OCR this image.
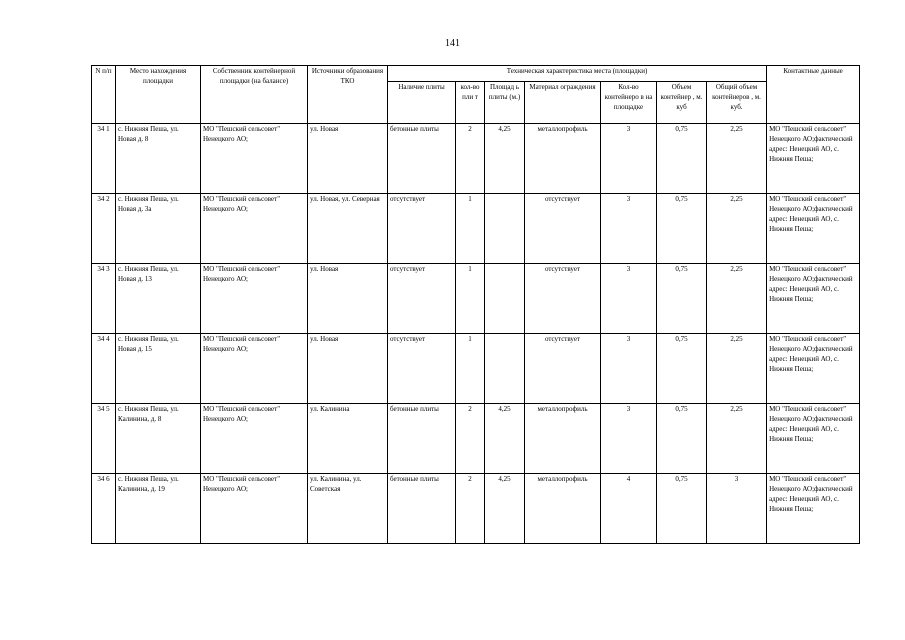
141
N п/п	Место нахождения площадки	Собственник контейнерной площадки (на балансе)	Источники образования ТКО	Техническая характеристика места (площадки)							Контактные данные
				Наличие плиты	кол-во пли т	Площад ь плиты (м.)	Материал ограждения	Кол-во контейнеро в на площадке	Объем контейнер , м. куб	Общий объем контейнеров , м. куб.	
34 1	с. Нижняя Пеша, ул. Новая д. 8	МО "Пешский сельсовет" Ненецкого АО;	ул. Новая	бетонные плиты	2	4,25	металлопрофиль	3	0,75	2,25	МО "Пешский сельсовет" Ненецкого АО;фактический адрес: Ненецкий АО, с. Нижняя Пеша;
34 2	с. Нижняя Пеша, ул. Новая д. 3а	МО "Пешский сельсовет" Ненецкого АО;	ул. Новая, ул. Северная	отсутствует	1		отсутствует	3	0,75	2,25	МО "Пешский сельсовет" Ненецкого АО;фактический адрес: Ненецкий АО, с. Нижняя Пеша;
34 3	с. Нижняя Пеша, ул. Новая д. 13	МО "Пешский сельсовет" Ненецкого АО;	ул. Новая	отсутствует	1		отсутствует	3	0,75	2,25	МО "Пешский сельсовет" Ненецкого АО;фактический адрес: Ненецкий АО, с. Нижняя Пеша;
34 4	с. Нижняя Пеша, ул. Новая д. 15	МО "Пешский сельсовет" Ненецкого АО;	ул. Новая	отсутствует	1		отсутствует	3	0,75	2,25	МО "Пешский сельсовет" Ненецкого АО;фактический адрес: Ненецкий АО, с. Нижняя Пеша;
34 5	с. Нижняя Пеша, ул. Калинина, д. 8	МО "Пешский сельсовет" Ненецкого АО;	ул. Калинина	бетонные плиты	2	4,25	металлопрофиль	3	0,75	2,25	МО "Пешский сельсовет" Ненецкого АО;фактический адрес: Ненецкий АО, с. Нижняя Пеша;
34 6	с. Нижняя Пеша, ул. Калинина, д. 19	МО "Пешский сельсовет" Ненецкого АО;	ул. Калинина, ул. Советская	бетонные плиты	2	4,25	металлопрофиль	4	0,75	3	МО "Пешский сельсовет" Ненецкого АО;фактический адрес: Ненецкий АО, с. Нижняя Пеша;
